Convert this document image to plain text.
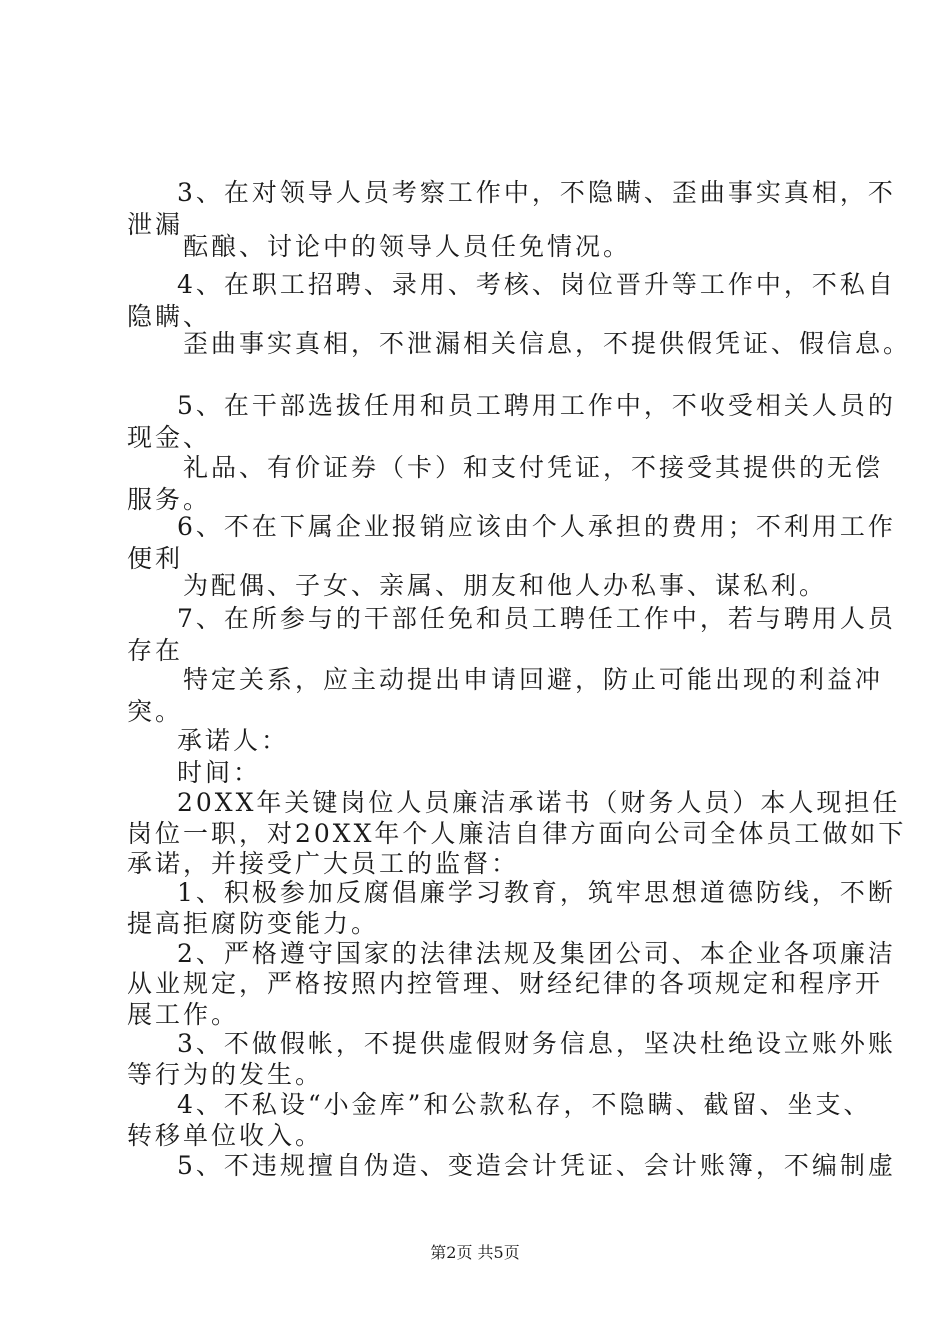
3、在对领导人员考察工作中，不隐瞒、歪曲事实真相，不
泄漏
酝酿、讨论中的领导人员任免情况。
4、在职工招聘、录用、考核、岗位晋升等工作中，不私自
隐瞒、
歪曲事实真相，不泄漏相关信息，不提供假凭证、假信息。
5、在干部选拔任用和员工聘用工作中，不收受相关人员的
现金、
礼品、有价证券（卡）和支付凭证，不接受其提供的无偿
服务。
6、不在下属企业报销应该由个人承担的费用；不利用工作
便利
为配偶、子女、亲属、朋友和他人办私事、谋私利。
7、在所参与的干部任免和员工聘任工作中，若与聘用人员
存在
特定关系，应主动提出申请回避，防止可能出现的利益冲
突。
承诺人：
时间：
20XX年关键岗位人员廉洁承诺书（财务人员）本人现担任
岗位一职，对20XX年个人廉洁自律方面向公司全体员工做如下
承诺，并接受广大员工的监督：
1、积极参加反腐倡廉学习教育，筑牢思想道德防线，不断
提高拒腐防变能力。
2、严格遵守国家的法律法规及集团公司、本企业各项廉洁
从业规定，严格按照内控管理、财经纪律的各项规定和程序开
展工作。
3、不做假帐，不提供虚假财务信息，坚决杜绝设立账外账
等行为的发生。
4、不私设“小金库”和公款私存，不隐瞒、截留、坐支、
转移单位收入。
5、不违规擅自伪造、变造会计凭证、会计账簿，不编制虚
第2页 共5页
